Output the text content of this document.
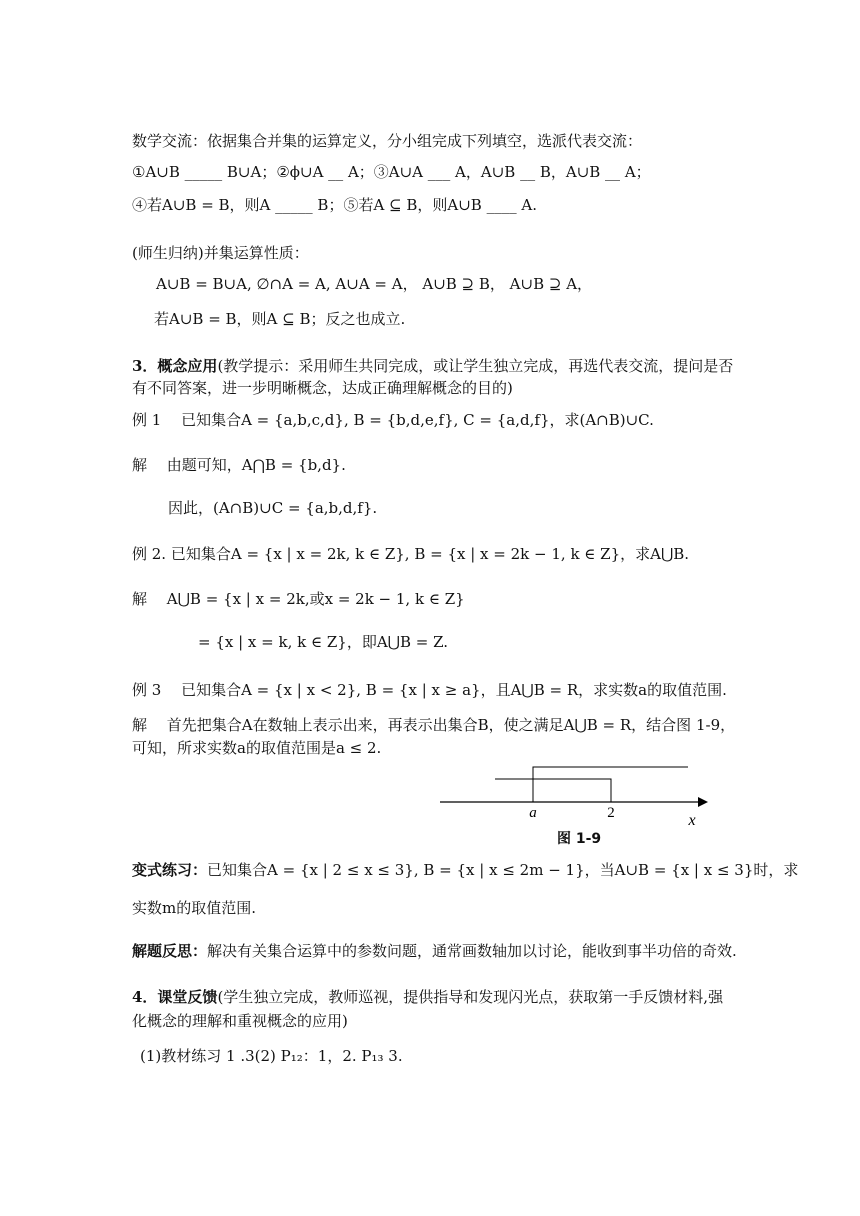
数学交流：依据集合并集的运算定义，分小组完成下列填空，选派代表交流：
①A∪B _____ B∪A；②ϕ∪A __ A；③A∪A ___ A，A∪B __ B，A∪B __ A；
④若A∪B = B，则A _____ B；⑤若A ⊆ B，则A∪B ____ A.
(师生归纳)并集运算性质：
A∪B = B∪A, ∅∩A = A, A∪A = A， A∪B ⊇ B， A∪B ⊇ A，
若A∪B = B，则A ⊆ B；反之也成立.
3．概念应用(教学提示：采用师生共同完成，或让学生独立完成，再选代表交流，提问是否
有不同答案，进一步明晰概念，达成正确理解概念的目的)
例 1　 已知集合A = {a,b,c,d}, B = {b,d,e,f}, C = {a,d,f}，求(A∩B)∪C.
解　 由题可知，A⋂B = {b,d}.
因此，(A∩B)∪C = {a,b,d,f}.
例 2. 已知集合A = {x | x = 2k, k ∈ Z}, B = {x | x = 2k − 1, k ∈ Z}，求A⋃B.
解　 A⋃B = {x | x = 2k,或x = 2k − 1, k ∈ Z}
= {x | x = k, k ∈ Z}，即A⋃B = Z.
例 3　 已知集合A = {x | x < 2}, B = {x | x ≥ a}，且A⋃B = R，求实数a的取值范围.
解　 首先把集合A在数轴上表示出来，再表示出集合B，使之满足A⋃B = R，结合图 1-9，
可知，所求实数a的取值范围是a ≤ 2.
变式练习：已知集合A = {x | 2 ≤ x ≤ 3}, B = {x | x ≤ 2m − 1}，当A∪B = {x | x ≤ 3}时，求
实数m的取值范围.
解题反思：解决有关集合运算中的参数问题，通常画数轴加以讨论，能收到事半功倍的奇效.
4．课堂反馈(学生独立完成，教师巡视，提供指导和发现闪光点，获取第一手反馈材料,强
化概念的理解和重视概念的应用)
(1)教材练习 1 .3(2) P₁₂：1，2. P₁₃ 3.
a	2	x
图 1-9
